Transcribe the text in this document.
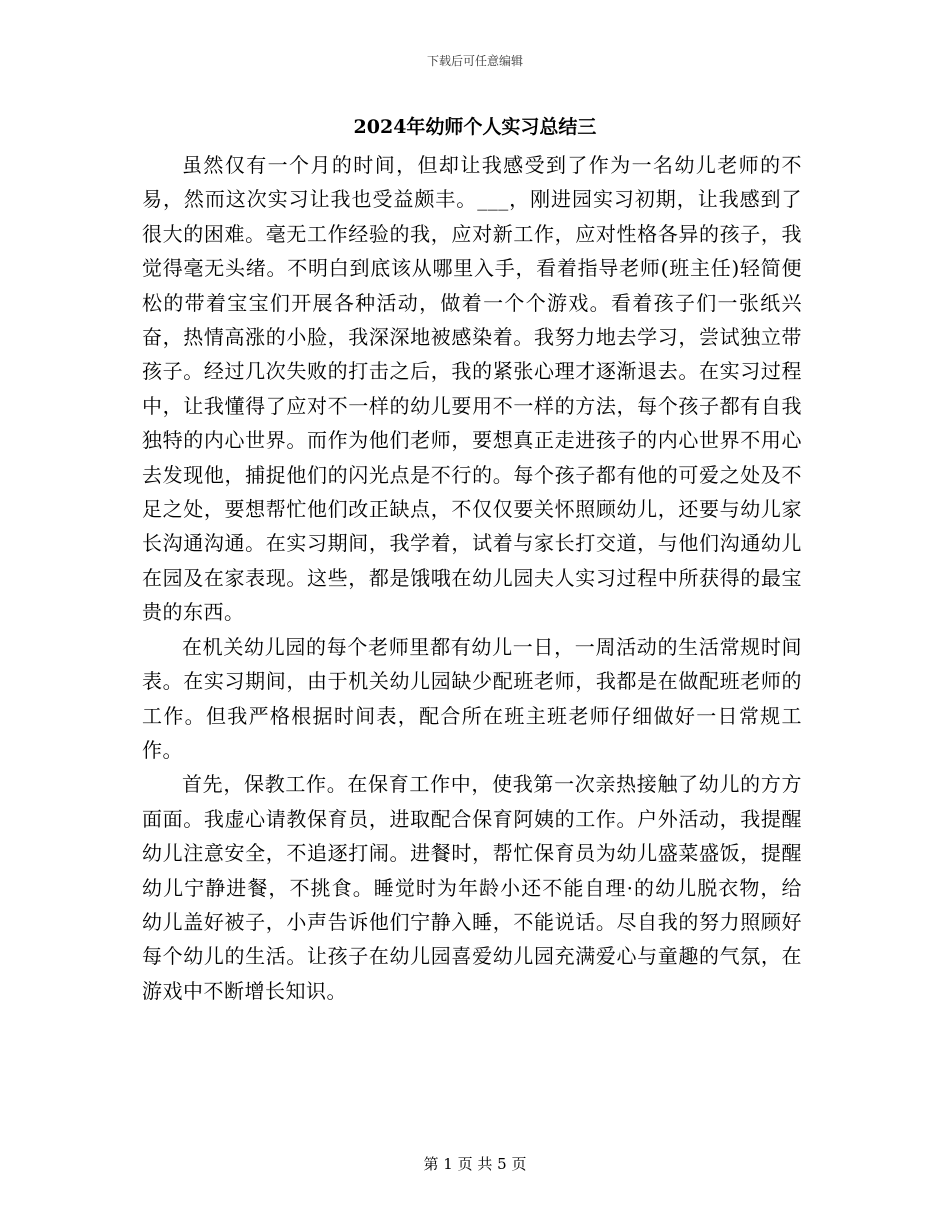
下载后可任意编辑
2024年幼师个人实习总结三

虽然仅有一个月的时间，但却让我感受到了作为一名幼儿老师的不易，然而这次实习让我也受益颇丰。___，刚进园实习初期，让我感到了很大的困难。毫无工作经验的我，应对新工作，应对性格各异的孩子，我觉得毫无头绪。不明白到底该从哪里入手，看着指导老师(班主任)轻简便松的带着宝宝们开展各种活动，做着一个个游戏。看着孩子们一张纸兴奋，热情高涨的小脸，我深深地被感染着。我努力地去学习，尝试独立带孩子。经过几次失败的打击之后，我的紧张心理才逐渐退去。在实习过程中，让我懂得了应对不一样的幼儿要用不一样的方法，每个孩子都有自我独特的内心世界。而作为他们老师，要想真正走进孩子的内心世界不用心去发现他，捕捉他们的闪光点是不行的。每个孩子都有他的可爱之处及不足之处，要想帮忙他们改正缺点，不仅仅要关怀照顾幼儿，还要与幼儿家长沟通沟通。在实习期间，我学着，试着与家长打交道，与他们沟通幼儿在园及在家表现。这些，都是饿哦在幼儿园夫人实习过程中所获得的最宝贵的东西。

在机关幼儿园的每个老师里都有幼儿一日，一周活动的生活常规时间表。在实习期间，由于机关幼儿园缺少配班老师，我都是在做配班老师的工作。但我严格根据时间表，配合所在班主班老师仔细做好一日常规工作。

首先，保教工作。在保育工作中，使我第一次亲热接触了幼儿的方方面面。我虚心请教保育员，进取配合保育阿姨的工作。户外活动，我提醒幼儿注意安全，不追逐打闹。进餐时，帮忙保育员为幼儿盛菜盛饭，提醒幼儿宁静进餐，不挑食。睡觉时为年龄小还不能自理·的幼儿脱衣物，给幼儿盖好被子，小声告诉他们宁静入睡，不能说话。尽自我的努力照顾好每个幼儿的生活。让孩子在幼儿园喜爱幼儿园充满爱心与童趣的气氛，在游戏中不断增长知识。

第 1 页 共 5 页
